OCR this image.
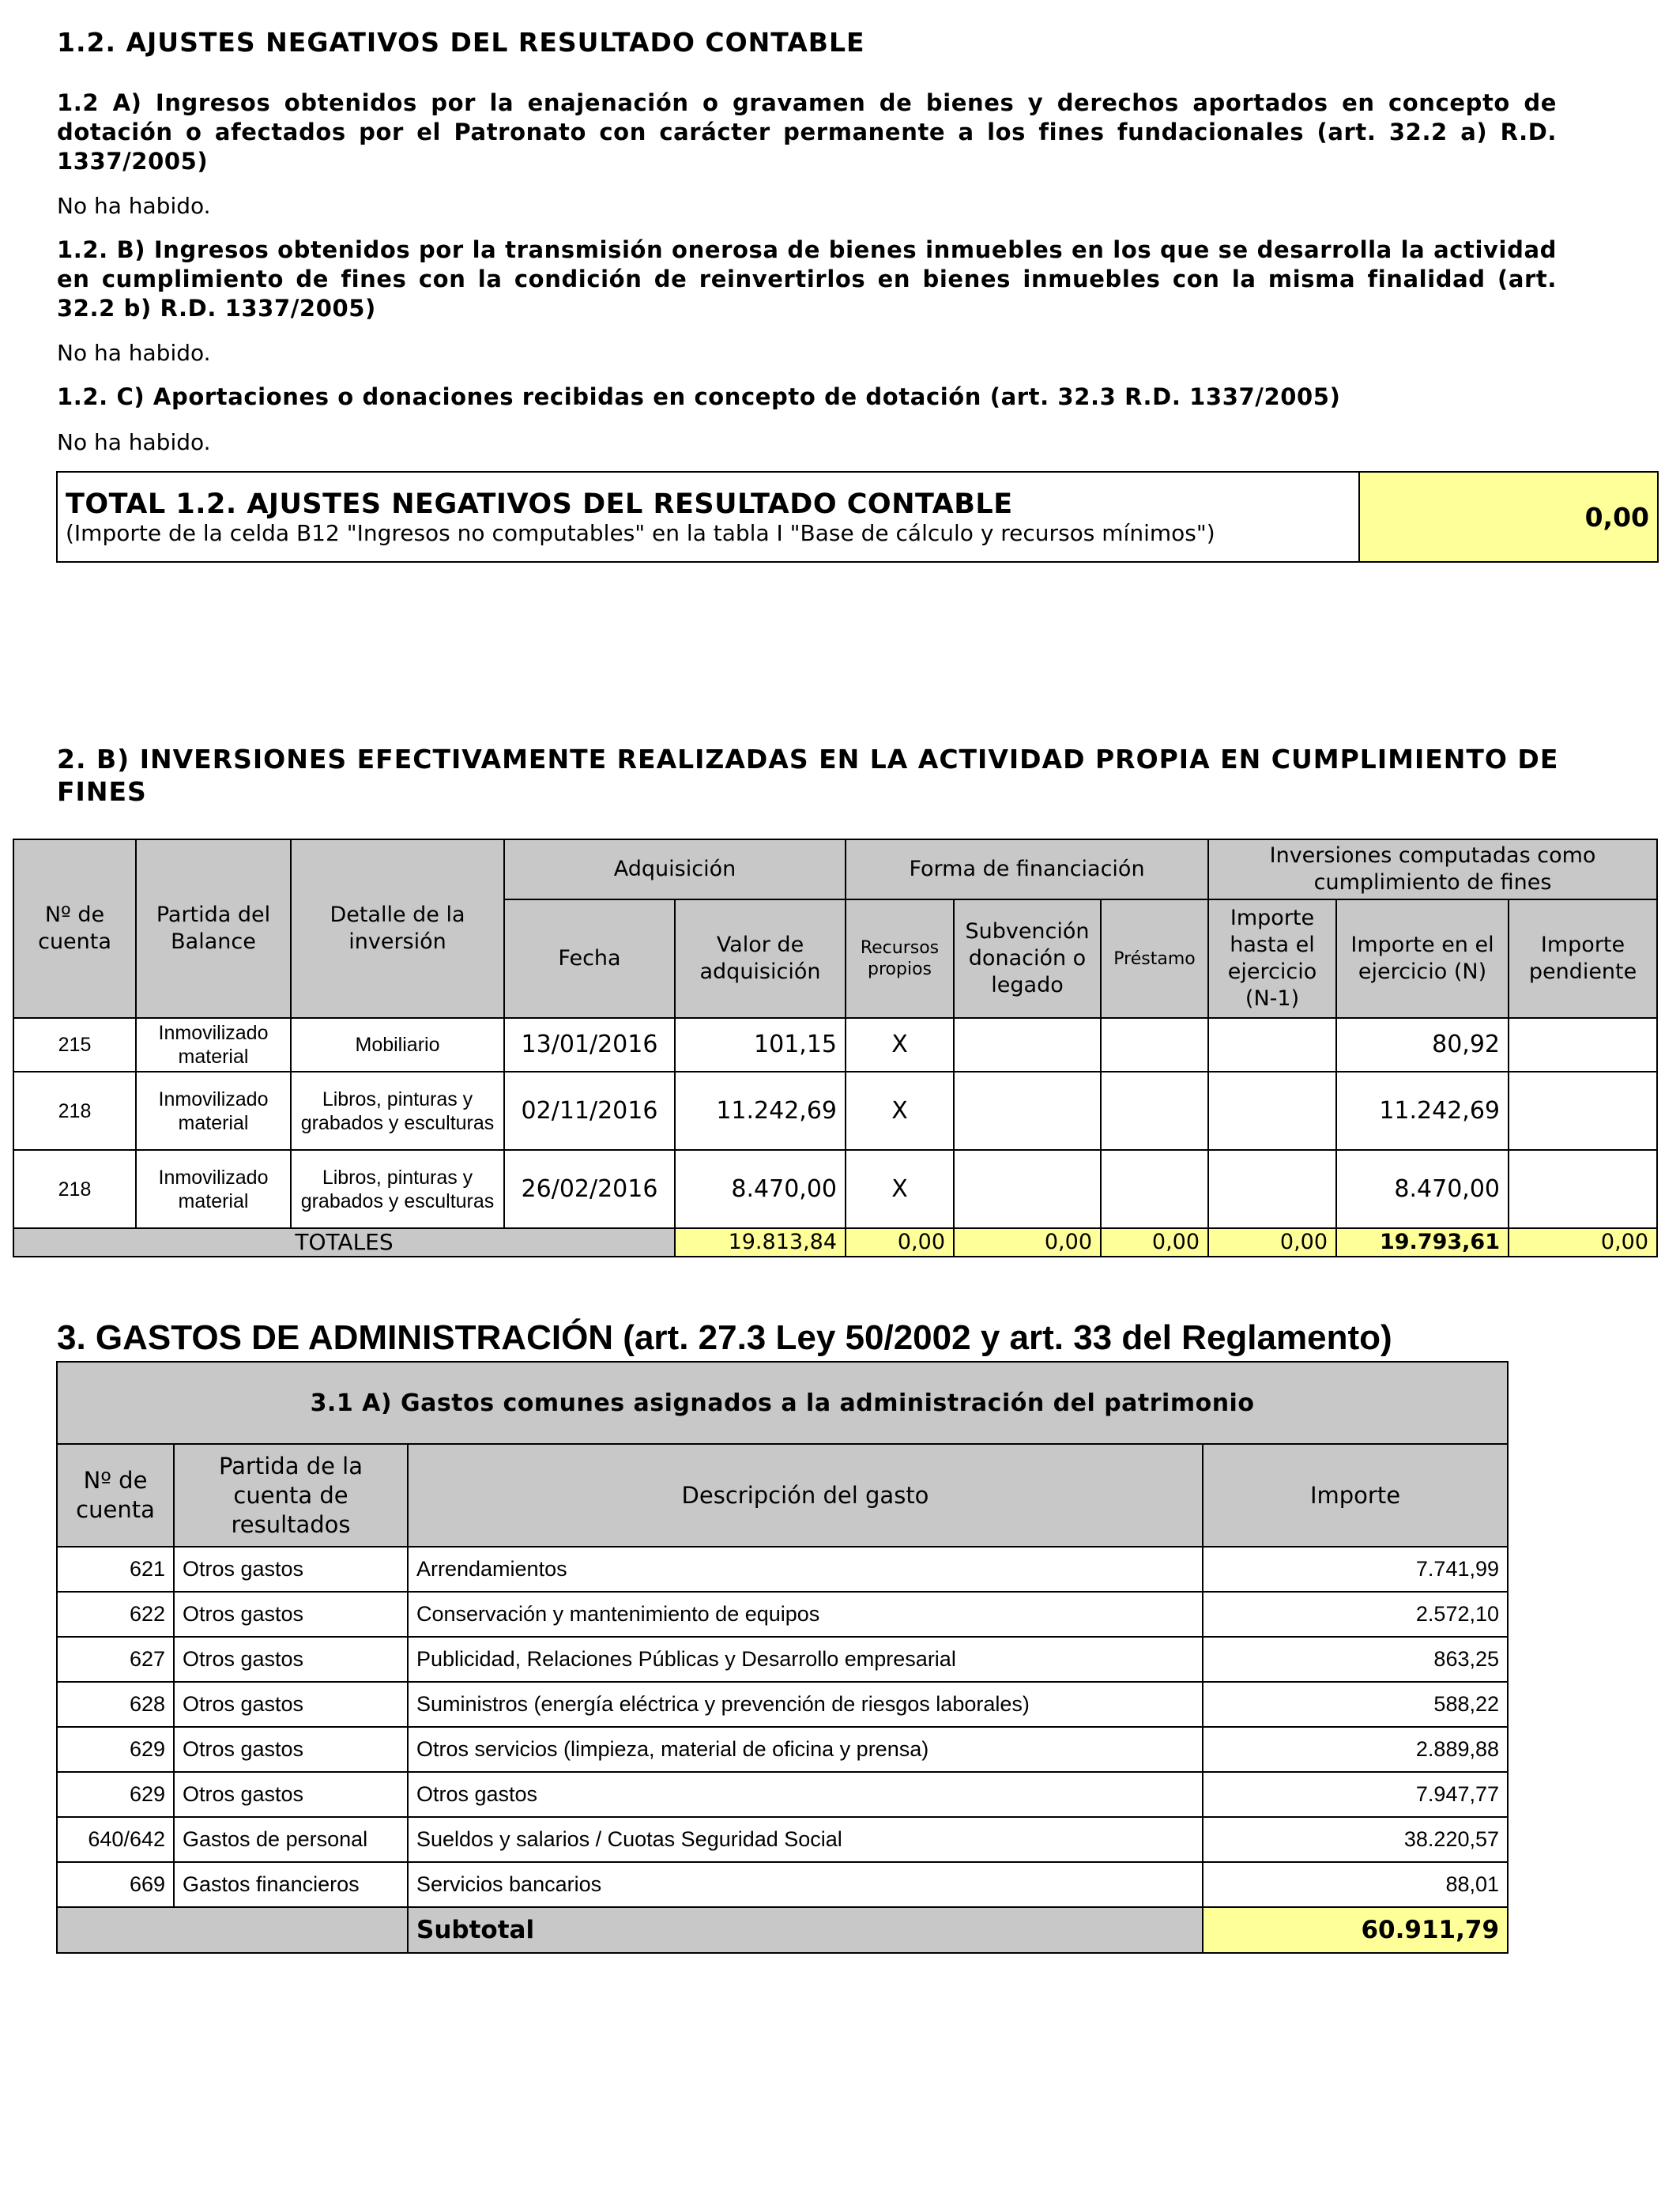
1.2. AJUSTES NEGATIVOS DEL RESULTADO CONTABLE
1.2 A) Ingresos obtenidos por la enajenación o gravamen de bienes y derechos aportados en concepto de dotación o afectados por el Patronato con carácter permanente a los fines fundacionales (art. 32.2 a) R.D. 1337/2005)
No ha habido.
1.2. B) Ingresos obtenidos por la transmisión onerosa de bienes inmuebles en los que se desarrolla la actividad en cumplimiento de fines con la condición de reinvertirlos en bienes inmuebles con la misma finalidad (art. 32.2 b) R.D. 1337/2005)
No ha habido.
1.2. C) Aportaciones o donaciones recibidas en concepto de dotación (art. 32.3 R.D. 1337/2005)
No ha habido.
TOTAL 1.2. AJUSTES NEGATIVOS DEL RESULTADO CONTABLE
(Importe de la celda B12 "Ingresos no computables" en la tabla I "Base de cálculo y recursos mínimos")
	0,00
2. B) INVERSIONES EFECTIVAMENTE REALIZADAS EN LA ACTIVIDAD PROPIA EN CUMPLIMIENTO DE FINES
Nº de cuenta	Partida del Balance	Detalle de la inversión	Adquisición		Forma de financiación			Inversiones computadas como cumplimiento de fines		
			Fecha	Valor de adquisición	Recursos propios	Subvención donación o legado	Préstamo	Importe hasta el ejercicio (N-1)	Importe en el ejercicio (N)	Importe pendiente
215	Inmovilizado material	Mobiliario	13/01/2016	101,15	X				80,92	
218	Inmovilizado material	Libros, pinturas y grabados y esculturas	02/11/2016	11.242,69	X				11.242,69	
218	Inmovilizado material	Libros, pinturas y grabados y esculturas	26/02/2016	8.470,00	X				8.470,00	
TOTALES				19.813,84	0,00	0,00	0,00	0,00	19.793,61	0,00
3. GASTOS DE ADMINISTRACIÓN (art. 27.3 Ley 50/2002 y art. 33 del Reglamento)
3.1 A) Gastos comunes asignados a la administración del patrimonio			
Nº de cuenta	Partida de la cuenta de resultados	Descripción del gasto	Importe
621	Otros gastos	Arrendamientos	7.741,99
622	Otros gastos	Conservación y mantenimiento de equipos	2.572,10
627	Otros gastos	Publicidad, Relaciones Públicas y Desarrollo empresarial	863,25
628	Otros gastos	Suministros (energía eléctrica y prevención de riesgos laborales)	588,22
629	Otros gastos	Otros servicios (limpieza, material de oficina y prensa)	2.889,88
629	Otros gastos	Otros gastos	7.947,77
640/642	Gastos de personal	Sueldos y salarios / Cuotas Seguridad Social	38.220,57
669	Gastos financieros	Servicios bancarios	88,01
		Subtotal	60.911,79
